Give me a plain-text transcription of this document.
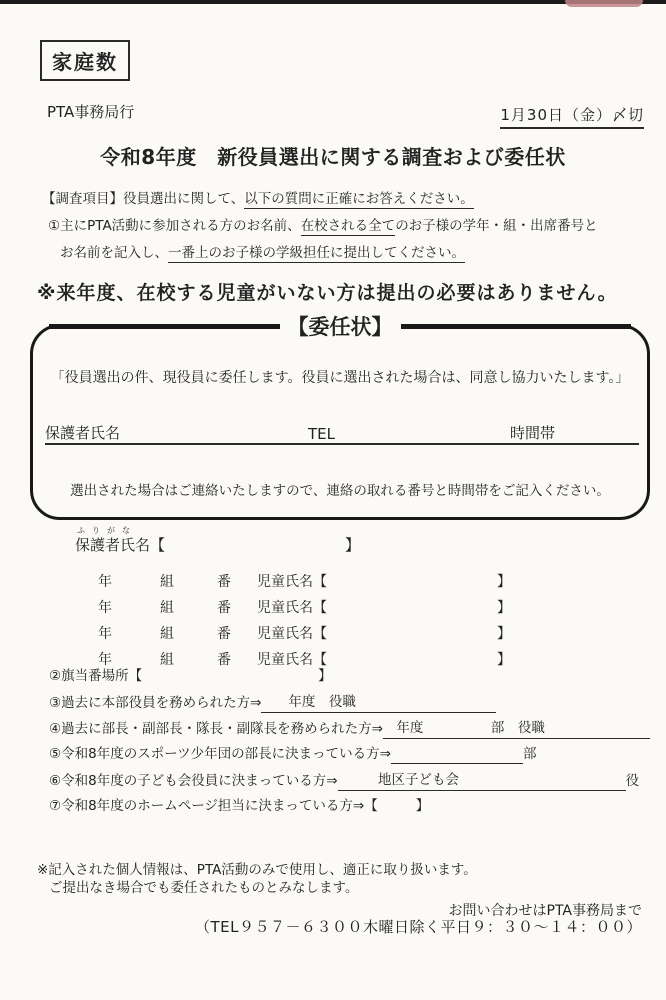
家庭数
PTA事務局行	1月30日（金）〆切
令和8年度　新役員選出に関する調査および委任状
【調査項目】役員選出に関して、以下の質問に正確にお答えください。
①主にPTA活動に参加される方のお名前、在校される全てのお子様の学年・組・出席番号と
お名前を記入し、一番上のお子様の学級担任に提出してください。
※来年度、在校する児童がいない方は提出の必要はありません。
【委任状】
「役員選出の件、現役員に委任します。役員に選出された場合は、同意し協力いたします。」
保護者氏名	TEL	時間帯
選出された場合はご連絡いたしますので、連絡の取れる番号と時間帯をご記入ください。
ふりがな
保護者氏名 【	】
年	組	番 児童氏名 【	】
年	組	番 児童氏名 【	】
年	組	番 児童氏名 【	】
年	組	番 児童氏名 【	】
②旗当番場所 【	】
③過去に本部役員を務められた方⇒ 　　年度　役職
④過去に部長・副部長・隊長・副隊長を務められた方⇒ 　年度　　　　　部　役職
⑤令和8年度のスポーツ少年団の部長に決まっている方⇒	部
⑥令和8年度の子ども会役員に決まっている方⇒ 　　　地区子ども会　　　　　	役
⑦令和8年度のホームページ担当に決まっている方⇒ 【	】
※記入された個人情報は、PTA活動のみで使用し、適正に取り扱います。
ご提出なき場合でも委任されたものとみなします。
お問い合わせはPTA事務局まで
（TEL９５７－６３００木曜日除く平日９：３０～１４：００）
